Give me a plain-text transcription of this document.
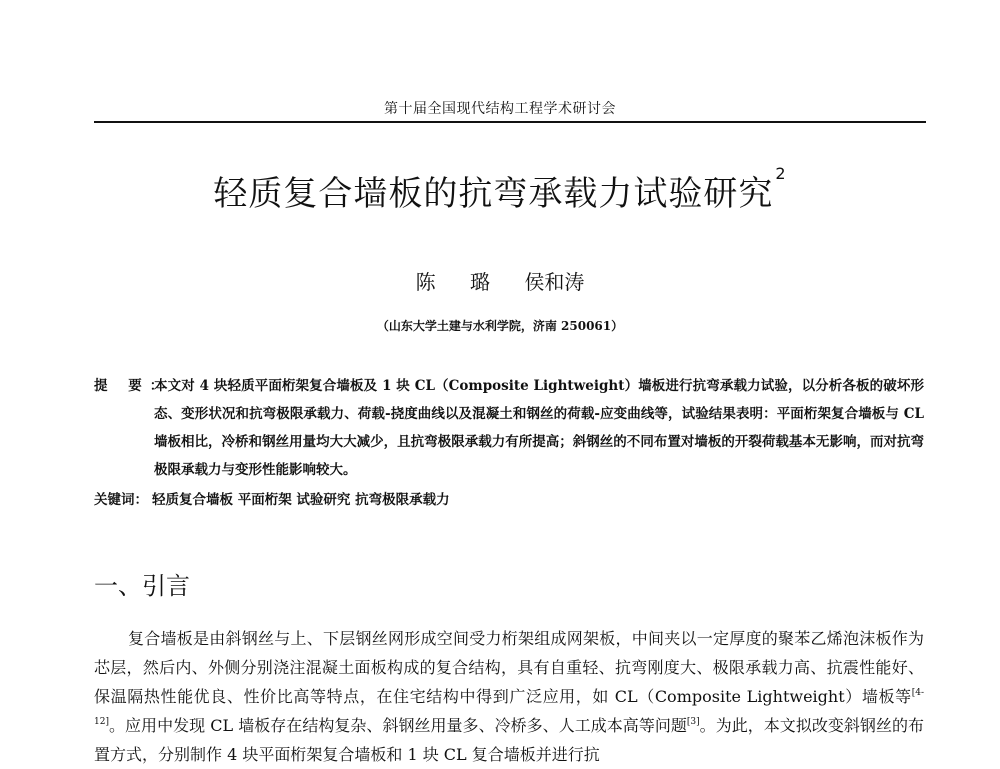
第十届全国现代结构工程学术研讨会
轻质复合墙板的抗弯承载力试验研究$^2$
陈 璐 侯和涛
（山东大学土建与水利学院，济南 250061）
提 要：
本文对 4 块轻质平面桁架复合墙板及 1 块 CL（Composite Lightweight）墙板进行抗弯承载力试验，以分析各板的破坏形态、变形状况和抗弯极限承载力、荷载-挠度曲线以及混凝土和钢丝的荷载-应变曲线等，试验结果表明：平面桁架复合墙板与 CL 墙板相比，冷桥和钢丝用量均大大减少，且抗弯极限承载力有所提高；斜钢丝的不同布置对墙板的开裂荷载基本无影响，而对抗弯极限承载力与变形性能影响较大。
关键词： 轻质复合墙板 平面桁架 试验研究 抗弯极限承载力
一、引言
复合墙板是由斜钢丝与上、下层钢丝网形成空间受力桁架组成网架板，中间夹以一定厚度的聚苯乙烯泡沫板作为芯层，然后内、外侧分别浇注混凝土面板构成的复合结构，具有自重轻、抗弯刚度大、极限承载力高、抗震性能好、保温隔热性能优良、性价比高等特点，在住宅结构中得到广泛应用，如 CL（Composite Lightweight）墙板等[4-12]。应用中发现 CL 墙板存在结构复杂、斜钢丝用量多、冷桥多、人工成本高等问题[3]。为此，本文拟改变斜钢丝的布置方式，分别制作 4 块平面桁架复合墙板和 1 块 CL 复合墙板并进行抗
